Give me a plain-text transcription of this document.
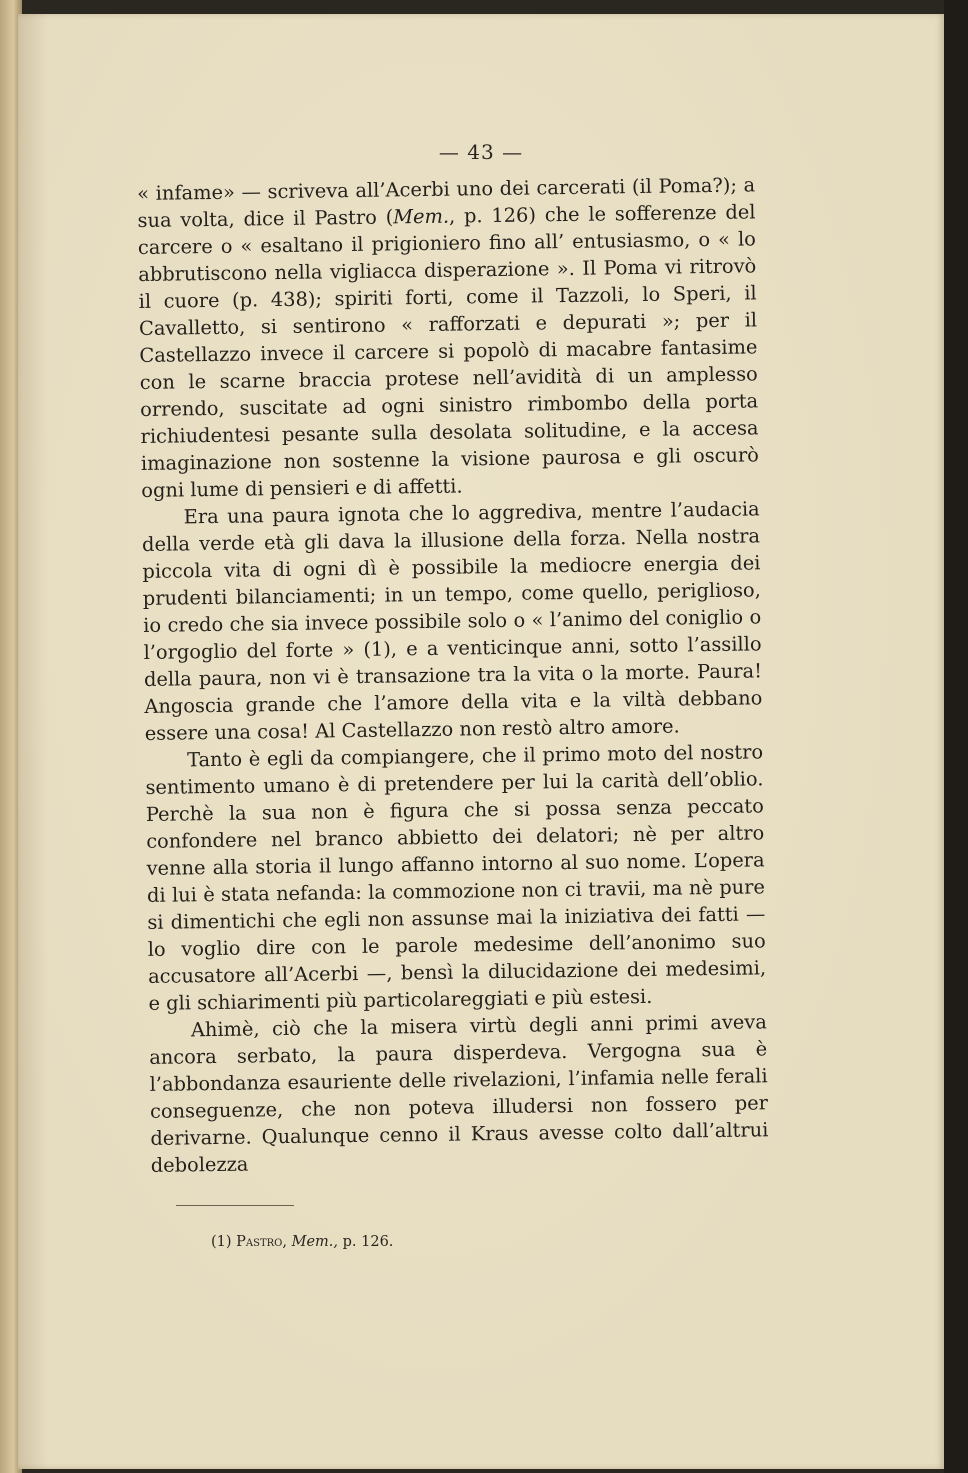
— 43 —

« infame» — scriveva all’Acerbi uno dei carcerati (il Poma?); a sua volta, dice il Pastro (Mem., p. 126) che le sofferenze del carcere o « esaltano il prigioniero fino all’ entusiasmo, o « lo abbrutiscono nella vigliacca disperazione ». Il Poma vi ritrovò il cuore (p. 438); spiriti forti, come il Tazzoli, lo Speri, il Cavalletto, si sentirono « rafforzati e depurati »; per il Castellazzo invece il carcere si popolò di macabre fantasime con le scarne braccia protese nell’avidità di un amplesso orrendo, suscitate ad ogni sinistro rimbombo della porta richiudentesi pesante sulla desolata solitudine, e la accesa imaginazione non sostenne la visione paurosa e gli oscurò ogni lume di pensieri e di affetti.

Era una paura ignota che lo aggrediva, mentre l’audacia della verde età gli dava la illusione della forza. Nella nostra piccola vita di ogni dì è possibile la mediocre energia dei prudenti bilanciamenti; in un tempo, come quello, periglioso, io credo che sia invece possibile solo o « l’animo del coniglio o l’orgoglio del forte » (1), e a venticinque anni, sotto l’assillo della paura, non vi è transazione tra la vita o la morte. Paura! Angoscia grande che l’amore della vita e la viltà debbano essere una cosa! Al Castellazzo non restò altro amore.

Tanto è egli da compiangere, che il primo moto del nostro sentimento umano è di pretendere per lui la carità dell’oblio. Perchè la sua non è figura che si possa senza peccato confondere nel branco abbietto dei delatori; nè per altro venne alla storia il lungo affanno intorno al suo nome. L’opera di lui è stata nefanda: la commozione non ci travii, ma nè pure si dimentichi che egli non assunse mai la iniziativa dei fatti — lo voglio dire con le parole medesime dell’anonimo suo accusatore all’Acerbi —, bensì la dilucidazione dei medesimi, e gli schiarimenti più particolareggiati e più estesi.

Ahimè, ciò che la misera virtù degli anni primi aveva ancora serbato, la paura disperdeva. Vergogna sua è l’abbondanza esauriente delle rivelazioni, l’infamia nelle ferali conseguenze, che non poteva illudersi non fossero per derivarne. Qualunque cenno il Kraus avesse colto dall’altrui debolezza

(1) Pastro, Mem., p. 126.
